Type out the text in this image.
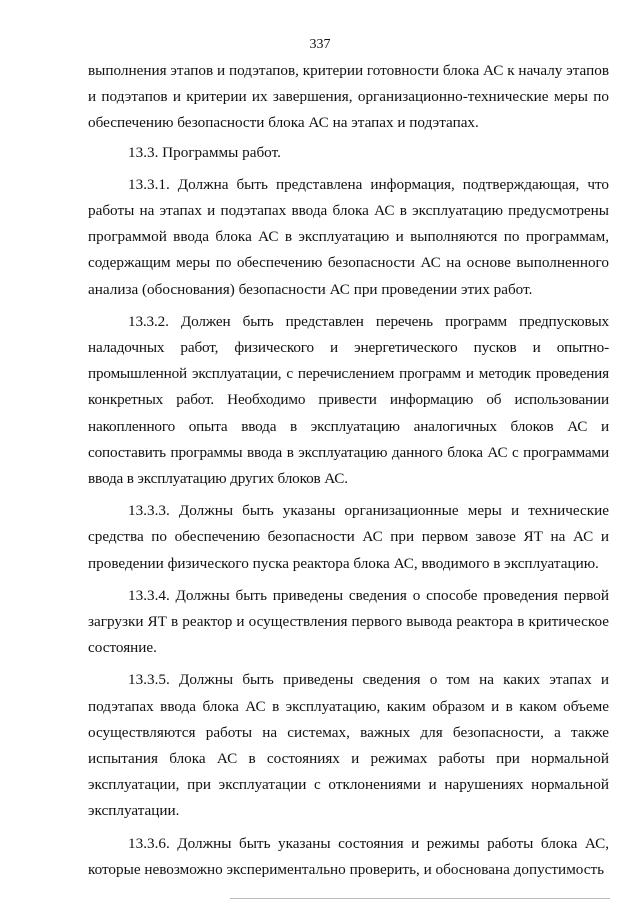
337

выполнения этапов и подэтапов, критерии готовности блока АС к началу этапов и подэтапов и критерии их завершения, организационно-технические меры по обеспечению безопасности блока АС на этапах и подэтапах.

13.3. Программы работ.

13.3.1. Должна быть представлена информация, подтверждающая, что работы на этапах и подэтапах ввода блока АС в эксплуатацию предусмотрены программой ввода блока АС в эксплуатацию и выполняются по программам, содержащим меры по обеспечению безопасности АС на основе выполненного анализа (обоснования) безопасности АС при проведении этих работ.

13.3.2. Должен быть представлен перечень программ предпусковых наладочных работ, физического и энергетического пусков и опытно-промышленной эксплуатации, с перечислением программ и методик проведения конкретных работ. Необходимо привести информацию об использовании накопленного опыта ввода в эксплуатацию аналогичных блоков АС и сопоставить программы ввода в эксплуатацию данного блока АС с программами ввода в эксплуатацию других блоков АС.

13.3.3. Должны быть указаны организационные меры и технические средства по обеспечению безопасности АС при первом завозе ЯТ на АС и проведении физического пуска реактора блока АС, вводимого в эксплуатацию.

13.3.4. Должны быть приведены сведения о способе проведения первой загрузки ЯТ в реактор и осуществления первого вывода реактора в критическое состояние.

13.3.5. Должны быть приведены сведения о том на каких этапах и подэтапах ввода блока АС в эксплуатацию, каким образом и в каком объеме осуществляются работы на системах, важных для безопасности, а также испытания блока АС в состояниях и режимах работы при нормальной эксплуатации, при эксплуатации с отклонениями и нарушениях нормальной эксплуатации.

13.3.6. Должны быть указаны состояния и режимы работы блока АС, которые невозможно экспериментально проверить, и обоснована допустимость
